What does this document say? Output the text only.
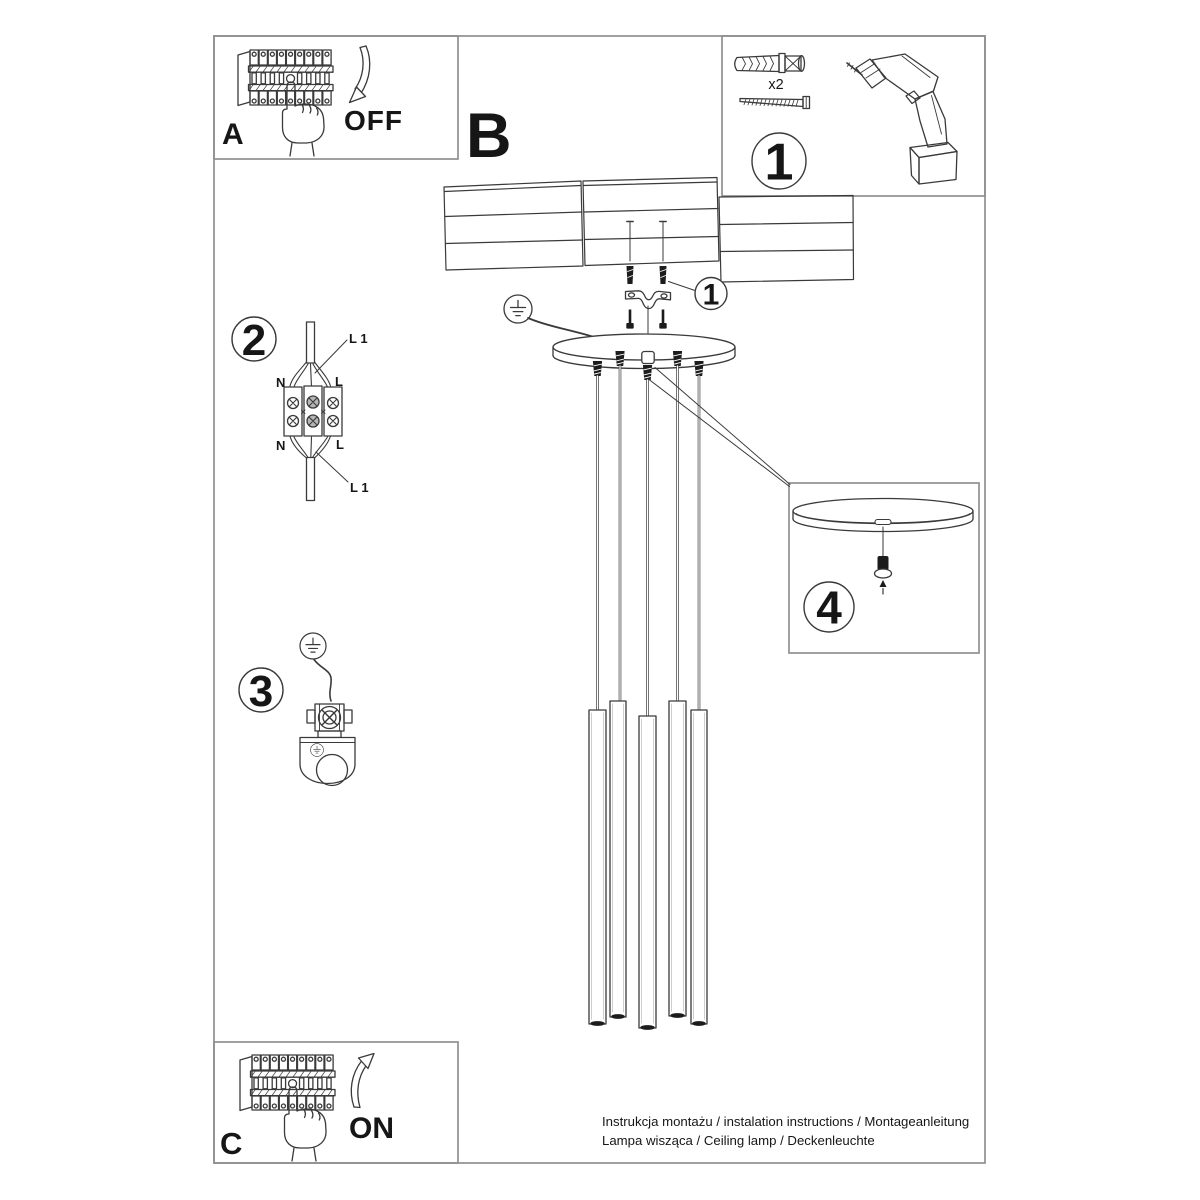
A	OFF B
x2
1
1
2	L 1
N	L
N	L
L 1
3
4
C	ON	Instrukcja montażu / instalation instructions / Montageanleitung
Lampa wisząca / Ceiling lamp / Deckenleuchte
